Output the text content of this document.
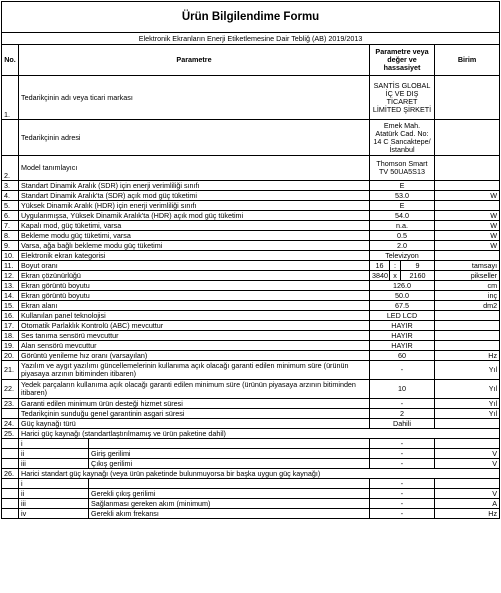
Ürün Bilgilendime Formu						
Elektronik Ekranların Enerji Etiketlemesine Dair Tebliğ (AB) 2019/2013						
No.	Parametre		Parametre veya değer ve hassasiyet			Birim
1.	Tedarikçinin adı veya ticari markası		SANTİS GLOBAL İÇ VE DIŞ TİCARET LİMİTED ŞİRKETİ			
	Tedarikçinin adresi		Emek Mah. Atatürk Cad. No: 14 C Sancaktepe/İstanbul			
2.	Model tanımlayıcı		Thomson Smart TV 50UA5S13			
3.	Standart Dinamik Aralık (SDR) için enerji verimliliği sınıfı		E			
4.	Standart Dinamik Aralık'ta (SDR) açık mod güç tüketimi		53.0			W
5.	Yüksek Dinamik Aralık (HDR) için enerji verimliliği sınıfı		E			
6.	Uygulanmışsa, Yüksek Dinamik Aralık'ta (HDR) açık mod güç tüketimi		54.0			W
7.	Kapalı mod, güç tüketimi, varsa		n.a.			W
8.	Bekleme modu güç tüketimi, varsa		0.5			W
9.	Varsa, ağa bağlı bekleme modu güç tüketimi		2.0			W
10.	Elektronik ekran kategorisi		Televizyon			
11.	Boyut oranı		16	:	9	tamsayı
12.	Ekran çözünürlüğü		3840	x	2160	pikseller
13.	Ekran görüntü boyutu		126.0			cm
14.	Ekran görüntü boyutu		50.0			inç
15.	Ekran alanı		67.5			dm2
16.	Kullanılan panel teknolojisi		LED LCD			
17.	Otomatik Parlaklık Kontrolü (ABC) mevcuttur		HAYIR			
18.	Ses tanıma sensörü mevcuttur		HAYIR			
19.	Alan sensörü mevcuttur		HAYIR			
20.	Görüntü yenileme hız oranı (varsayılan)		60			Hz
21.	Yazılım ve aygıt yazılımı güncellemelerinin kullanıma açık olacağı garanti edilen minimum süre (ürünün piyasaya arzının bitiminden itibaren)		-			Yıl
22.	Yedek parçaların kullanıma açık olacağı garanti edilen minimum süre (ürünün piyasaya arzının bitiminden itibaren)		10			Yıl
23.	Garanti edilen minimum ürün desteği hizmet süresi		-			Yıl
	Tedarikçinin sunduğu genel garantinin asgari süresi		2			Yıl
24.	Güç kaynağı türü		Dahili			
25.	Harici güç kaynağı (standartlaştırılmamış ve ürün paketine dahil)					
	i		-			
	ii	Giriş gerilimi	-			V
	iii	Çıkış gerilimi	-			V
26.	Harici standart güç kaynağı (veya ürün paketinde bulunmuyorsa bir başka uygun güç kaynağı)					
	i		-			
	ii	Gerekli çıkış gerilimi	-			V
	iii	Sağlanması gereken akım (minimum)	-			A
	iv	Gerekli akım frekansı	-			Hz
